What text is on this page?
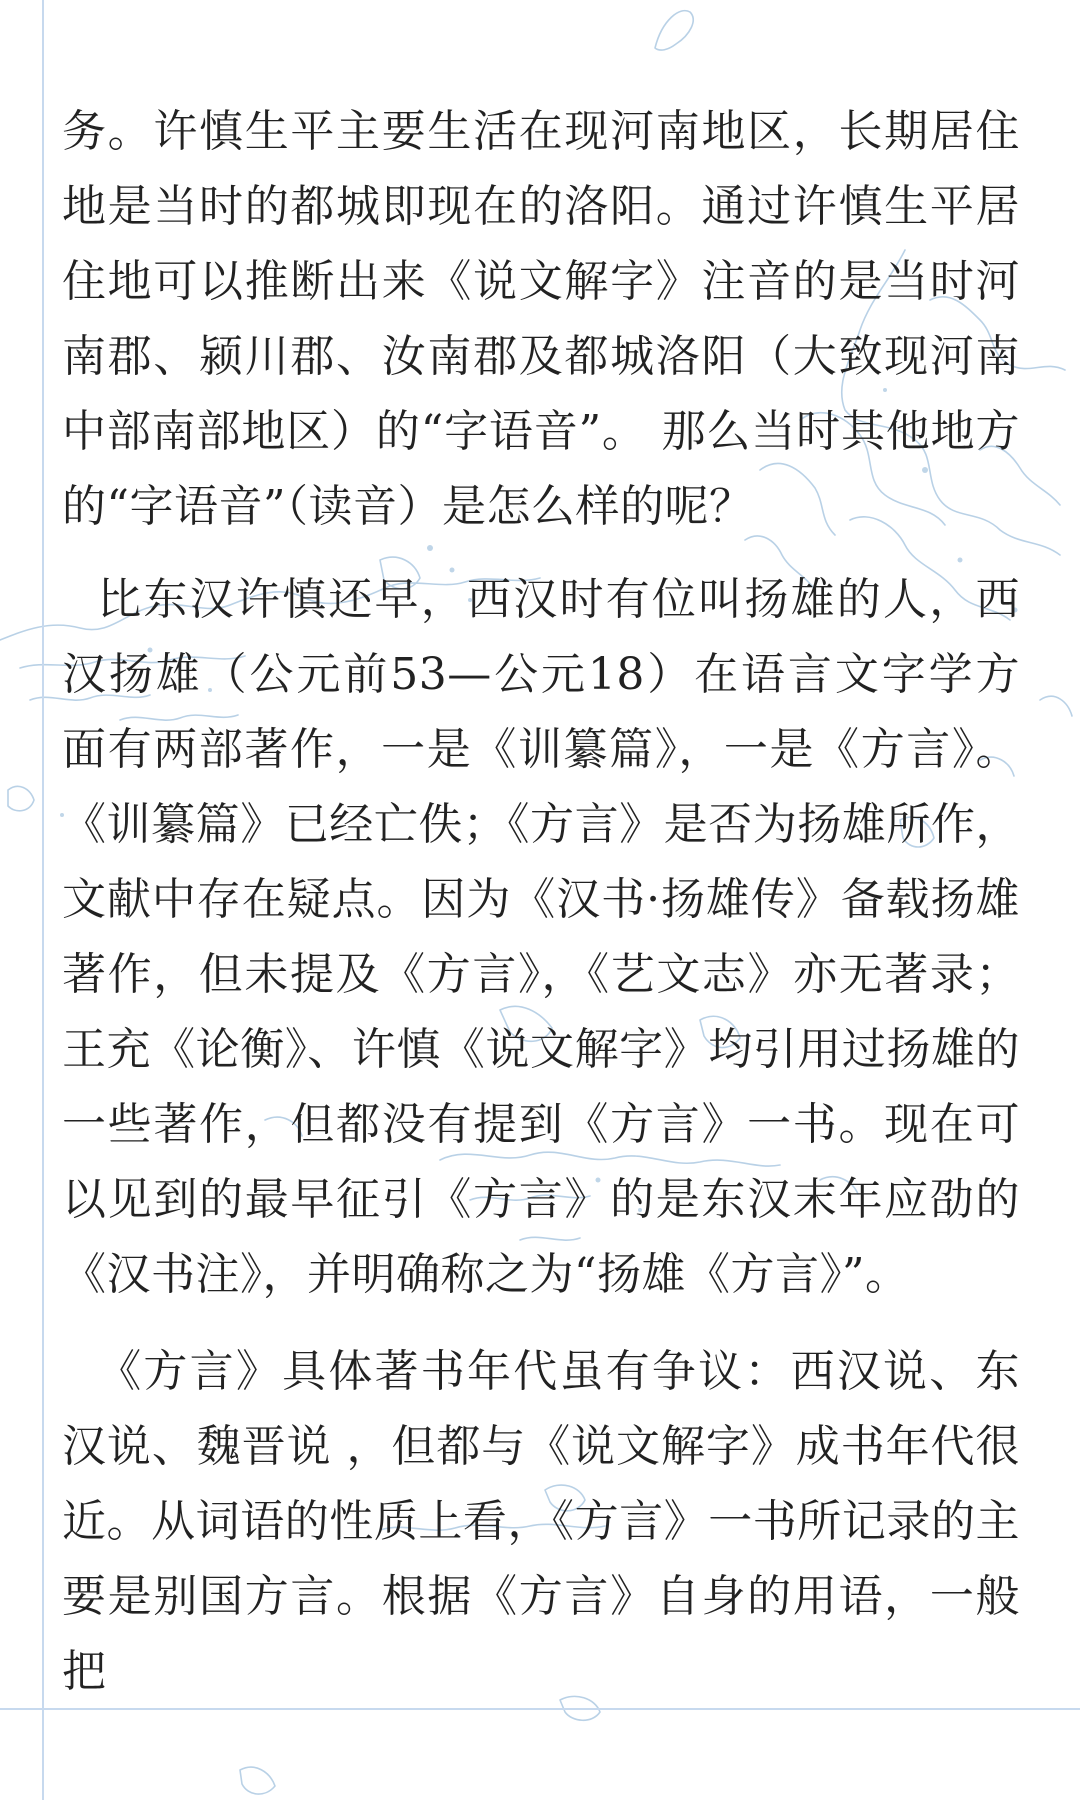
务。许慎生平主要生活在现河南地区，长期居住地是当时的都城即现在的洛阳。通过许慎生平居住地可以推断出来《说文解字》注音的是当时河南郡、颍川郡、汝南郡及都城洛阳（大致现河南中部南部地区）的“字语音”。 那么当时其他地方的“字语音”（读音）是怎么样的呢？

比东汉许慎还早，西汉时有位叫扬雄的人，西汉扬雄（公元前53—公元18）在语言文字学方面有两部著作，一是《训纂篇》，一是《方言》。《训纂篇》已经亡佚；《方言》是否为扬雄所作，文献中存在疑点。因为《汉书·扬雄传》备载扬雄著作，但未提及《方言》，《艺文志》亦无著录；王充《论衡》、许慎《说文解字》均引用过扬雄的一些著作，但都没有提到《方言》一书。现在可以见到的最早征引《方言》的是东汉末年应劭的《汉书注》，并明确称之为“扬雄《方言》”。

《方言》具体著书年代虽有争议：西汉说、东汉说、魏晋说 ，但都与《说文解字》成书年代很近。从词语的性质上看，《方言》一书所记录的主要是别国方言。根据《方言》自身的用语，一般把
